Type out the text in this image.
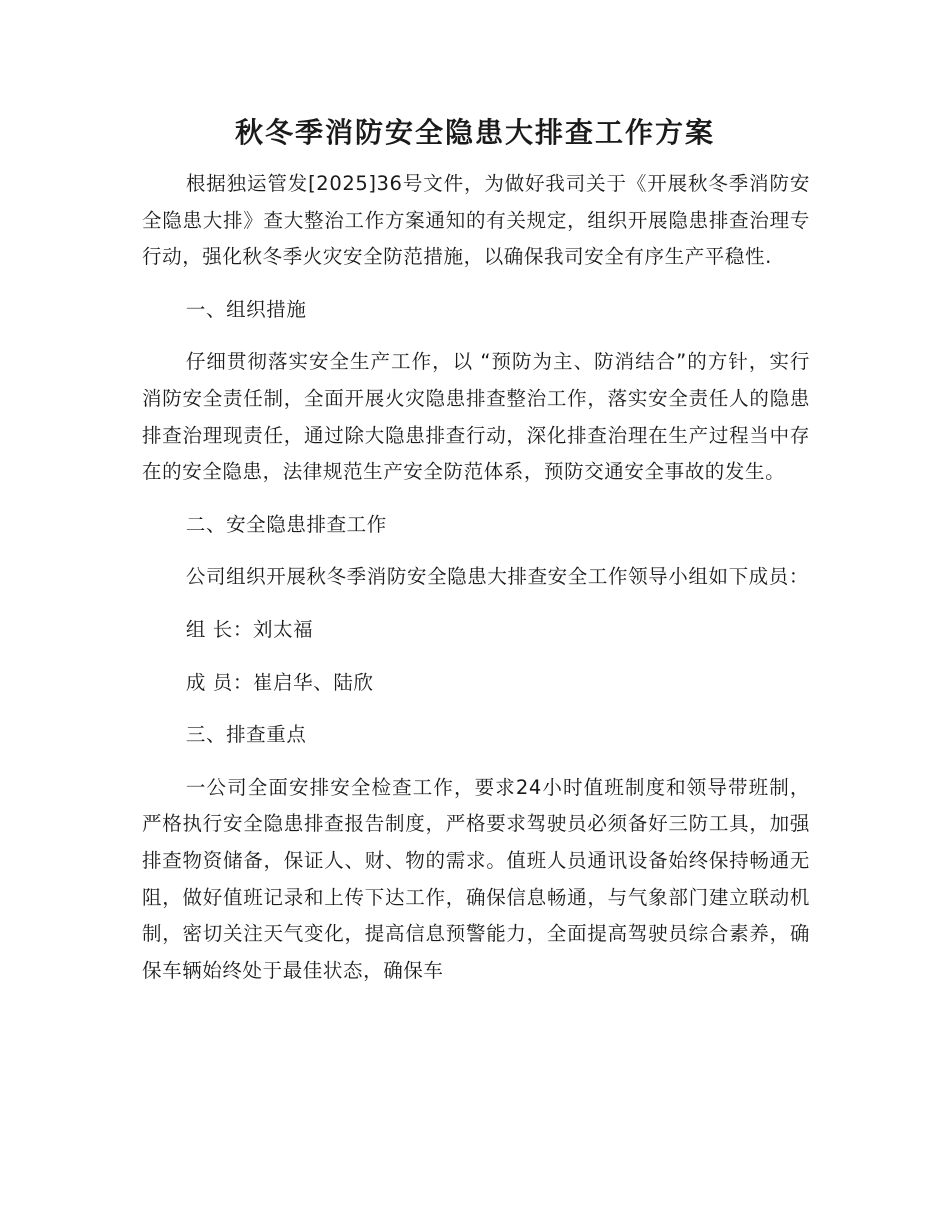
秋冬季消防安全隐患大排查工作方案

根据独运管发[2025]36号文件，为做好我司关于《开展秋冬季消防安全隐患大排》查大整治工作方案通知的有关规定，组织开展隐患排查治理专行动，强化秋冬季火灾安全防范措施，以确保我司安全有序生产平稳性.

一、组织措施

仔细贯彻落实安全生产工作，以 “预防为主、防消结合”的方针，实行消防安全责任制，全面开展火灾隐患排查整治工作，落实安全责任人的隐患排查治理现责任，通过除大隐患排查行动，深化排查治理在生产过程当中存在的安全隐患，法律规范生产安全防范体系，预防交通安全事故的发生。

二、安全隐患排查工作

公司组织开展秋冬季消防安全隐患大排查安全工作领导小组如下成员：

组 长：刘太福

成 员：崔启华、陆欣

三、排查重点

一公司全面安排安全检查工作，要求24小时值班制度和领导带班制，严格执行安全隐患排查报告制度，严格要求驾驶员必须备好三防工具，加强排查物资储备，保证人、财、物的需求。值班人员通讯设备始终保持畅通无阻，做好值班记录和上传下达工作，确保信息畅通，与气象部门建立联动机制，密切关注天气变化，提高信息预警能力，全面提高驾驶员综合素养，确保车辆始终处于最佳状态，确保车
